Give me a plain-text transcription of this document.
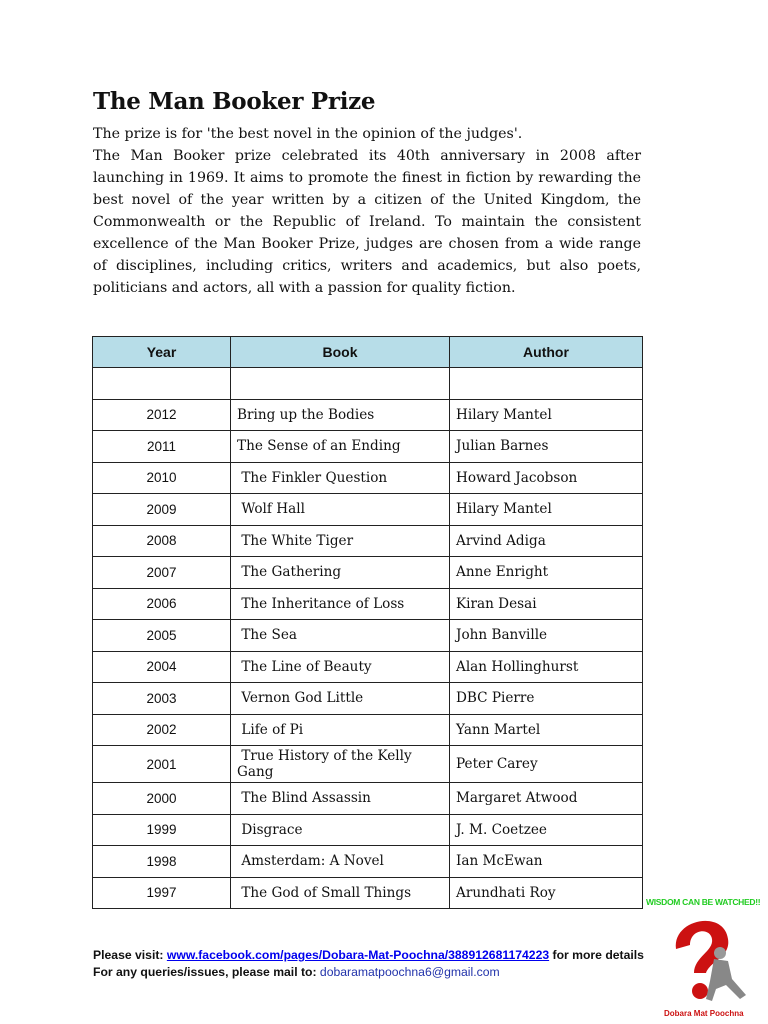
The Man Booker Prize

The prize is for 'the best novel in the opinion of the judges'.

The Man Booker prize celebrated its 40th anniversary in 2008 after launching in 1969. It aims to promote the finest in fiction by rewarding the best novel of the year written by a citizen of the United Kingdom, the Commonwealth or the Republic of Ireland. To maintain the consistent excellence of the Man Booker Prize, judges are chosen from a wide range of disciplines, including critics, writers and academics, but also poets, politicians and actors, all with a passion for quality fiction.

Year	Book	Author

2012	Bring up the Bodies	Hilary Mantel
2011	The Sense of an Ending	Julian Barnes
2010	The Finkler Question	Howard Jacobson
2009	Wolf Hall	Hilary Mantel
2008	The White Tiger	Arvind Adiga
2007	The Gathering	Anne Enright
2006	The Inheritance of Loss	Kiran Desai
2005	The Sea	John Banville
2004	The Line of Beauty	Alan Hollinghurst
2003	Vernon God Little	DBC Pierre
2002	Life of Pi	Yann Martel
2001	True History of the Kelly Gang	Peter Carey
2000	The Blind Assassin	Margaret Atwood
1999	Disgrace	J. M. Coetzee
1998	Amsterdam: A Novel	Ian McEwan
1997	The God of Small Things	Arundhati Roy
Please visit: www.facebook.com/pages/Dobara-Mat-Poochna/388912681174223 for more details
For any queries/issues, please mail to: dobaramatpoochna6@gmail.com
WISDOM CAN BE WATCHED!!
Dobara Mat Poochna
